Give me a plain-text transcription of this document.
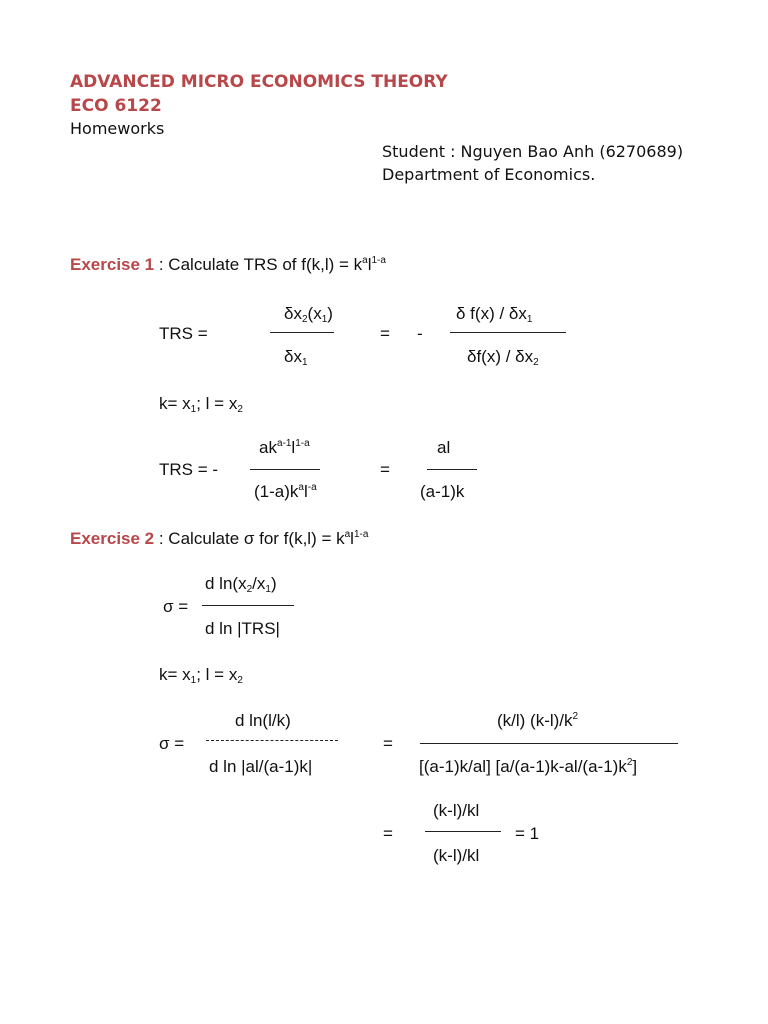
ADVANCED MICRO ECONOMICS THEORY
ECO 6122
Homeworks
Student : Nguyen Bao Anh (6270689)
Department of Economics.
Exercise 1 : Calculate TRS of $f(k,l) = k^al^{1-a}$
TRS =
$\delta x_2(x_1)$
$\delta x_1$
= -
δ $f(x) / \delta x_1$
$\delta f(x) / \delta x_2$
$k= x_1$; $l = x_2$
TRS = -
$ak^{a-1}l^{1-a}$
$(1-a)k^al^{-a}$
=
al
(a-1)k
Exercise 2 : Calculate σ for $f(k,l) = k^al^{1-a}$
σ =
d $\ln(x_2/x_1)$
d ln |TRS|
$k= x_1$; $l = x_2$
σ =
d ln(l/k)
d ln |al/(a-1)k|
=
(k/l) $(k-l)/k^2$
[(a-1)k/al] $[a/(a-1)k-al/(a-1)k^2]$
=
(k-l)/kl
(k-l)/kl
= 1
